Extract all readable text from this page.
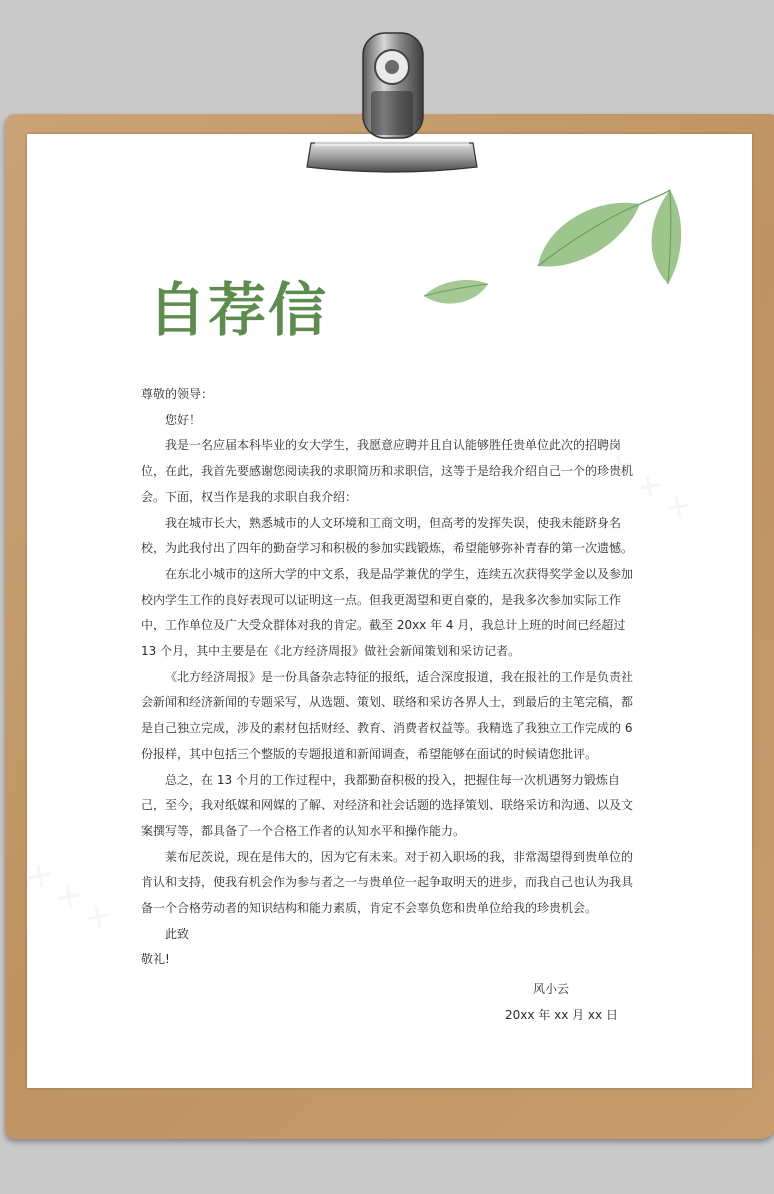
自荐信

尊敬的领导：

您好！

我是一名应届本科毕业的女大学生，我愿意应聘并且自认能够胜任贵单位此次的招聘岗位，在此，我首先要感谢您阅读我的求职简历和求职信，这等于是给我介绍自己一个的珍贵机会。下面，权当作是我的求职自我介绍：

我在城市长大，熟悉城市的人文环境和工商文明，但高考的发挥失误，使我未能跻身名校，为此我付出了四年的勤奋学习和积极的参加实践锻炼，希望能够弥补青春的第一次遗憾。

在东北小城市的这所大学的中文系，我是品学兼优的学生，连续五次获得奖学金以及参加校内学生工作的良好表现可以证明这一点。但我更渴望和更自豪的，是我多次参加实际工作中，工作单位及广大受众群体对我的肯定。截至 20xx 年 4 月，我总计上班的时间已经超过 13 个月，其中主要是在《北方经济周报》做社会新闻策划和采访记者。

《北方经济周报》是一份具备杂志特征的报纸，适合深度报道，我在报社的工作是负责社会新闻和经济新闻的专题采写，从选题、策划、联络和采访各界人士，到最后的主笔完稿，都是自己独立完成，涉及的素材包括财经、教育、消费者权益等。我精选了我独立工作完成的 6 份报样，其中包括三个整版的专题报道和新闻调查，希望能够在面试的时候请您批评。

总之，在 13 个月的工作过程中，我都勤奋积极的投入，把握住每一次机遇努力锻炼自己，至今，我对纸媒和网媒的了解、对经济和社会话题的选择策划、联络采访和沟通、以及文案撰写等，都具备了一个合格工作者的认知水平和操作能力。

莱布尼茨说，现在是伟大的，因为它有未来。对于初入职场的我，非常渴望得到贵单位的肯认和支持，使我有机会作为参与者之一与贵单位一起争取明天的进步，而我自己也认为我具备一个合格劳动者的知识结构和能力素质，肯定不会辜负您和贵单位给我的珍贵机会。

此致

敬礼!

风小云
20xx 年 xx 月 xx 日
